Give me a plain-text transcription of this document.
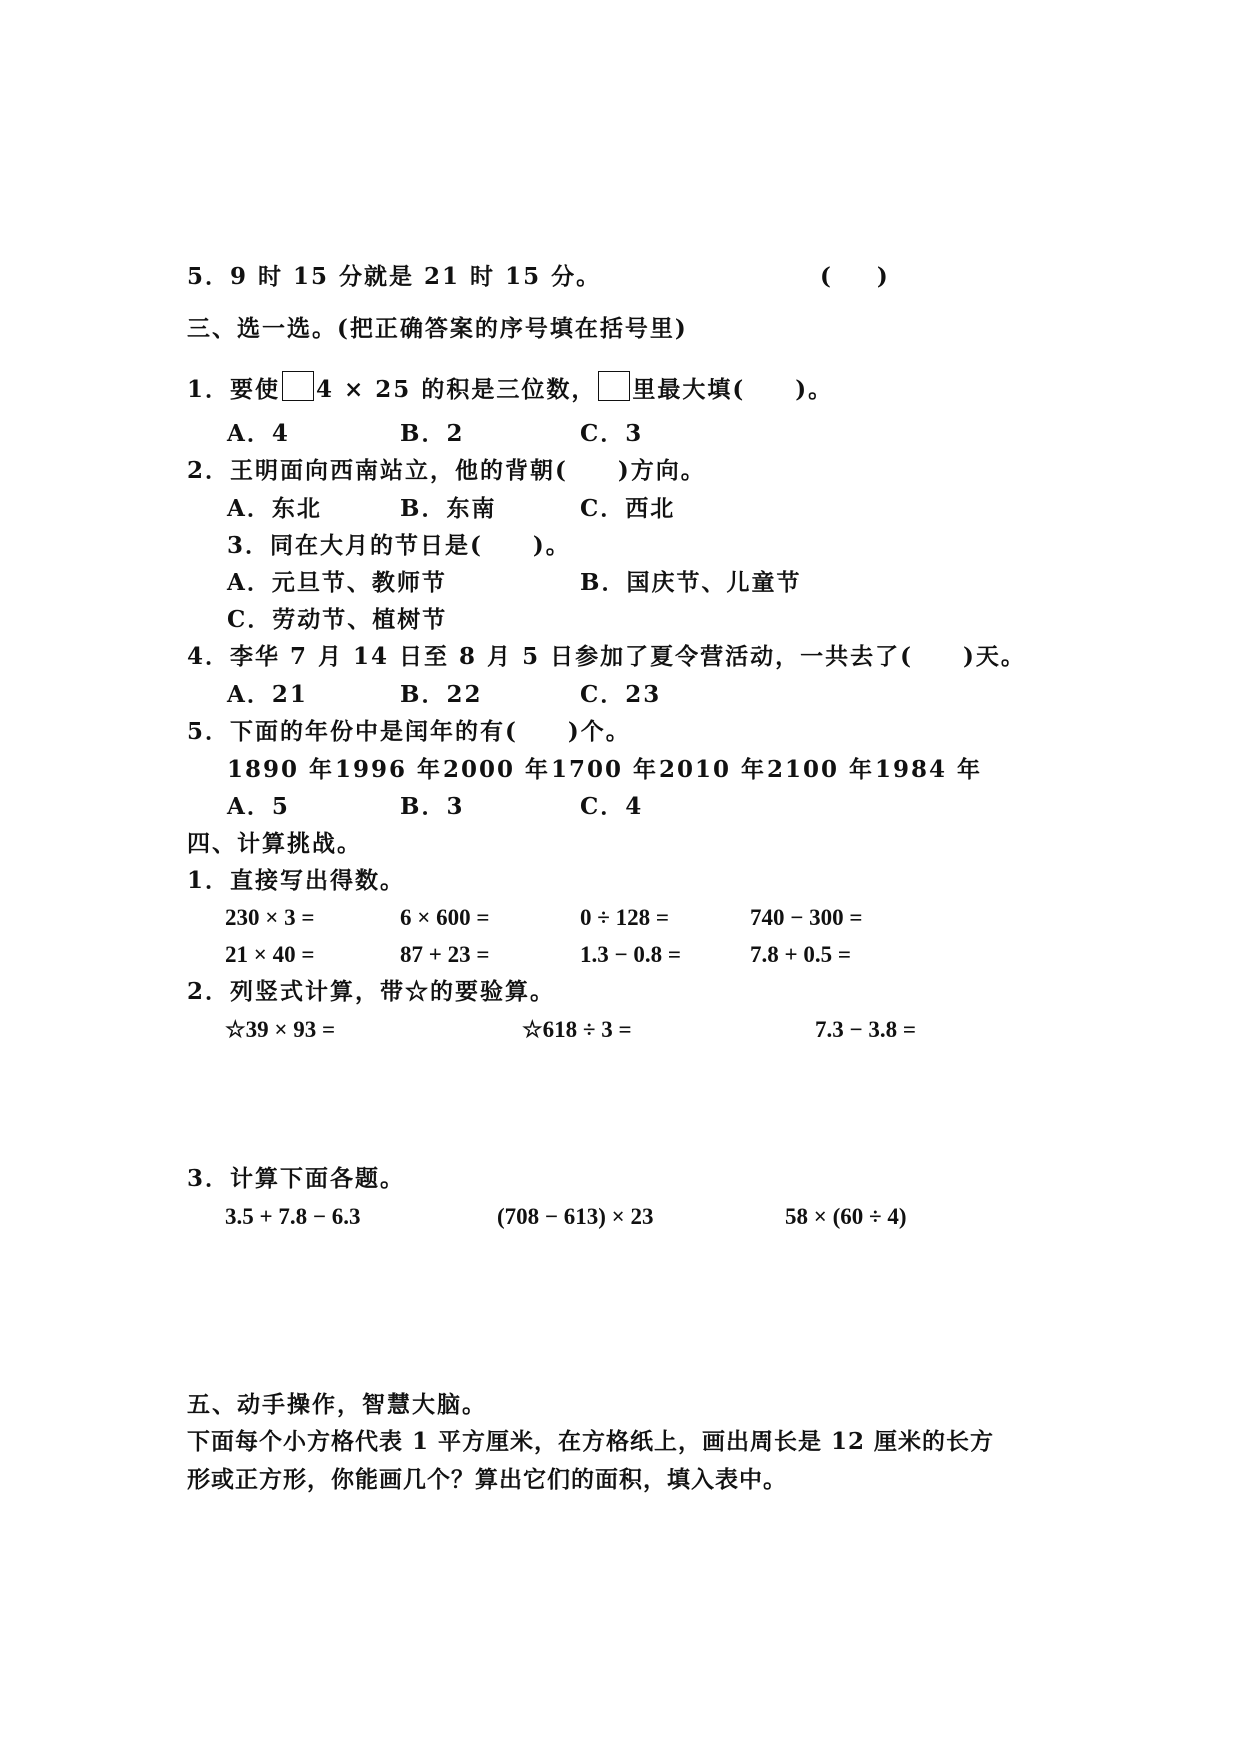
5．9 时 15 分就是 21 时 15 分。	(　　)
三、选一选。(把正确答案的序号填在括号里)
1．要使 4 × 25 的积是三位数， 里最大填(　　)。
A．4	B．2	C．3
2．王明面向西南站立，他的背朝(　　)方向。
A．东北	B．东南	C．西北
3．同在大月的节日是(　　)。
A．元旦节、教师节	B．国庆节、儿童节
C．劳动节、植树节
4．李华 7 月 14 日至 8 月 5 日参加了夏令营活动，一共去了(　　)天。
A．21	B．22	C．23
5．下面的年份中是闰年的有(　　)个。
1890 年 1996 年 2000 年 1700 年 2010 年 2100 年 1984 年
A．5	B．3	C．4
四、计算挑战。
1．直接写出得数。
230 × 3 =	6 × 600 =	0 ÷ 128 =	740 − 300 =
21 × 40 =	87 + 23 =	1.3 − 0.8 =	7.8 + 0.5 =
2．列竖式计算，带☆的要验算。
☆39 × 93 =	☆618 ÷ 3 =	7.3 − 3.8 =
3．计算下面各题。
3.5 + 7.8 − 6.3	(708 − 613) × 23	58 × (60 ÷ 4)
五、动手操作，智慧大脑。
下面每个小方格代表 1 平方厘米，在方格纸上，画出周长是 12 厘米的长方
形或正方形，你能画几个？算出它们的面积，填入表中。
